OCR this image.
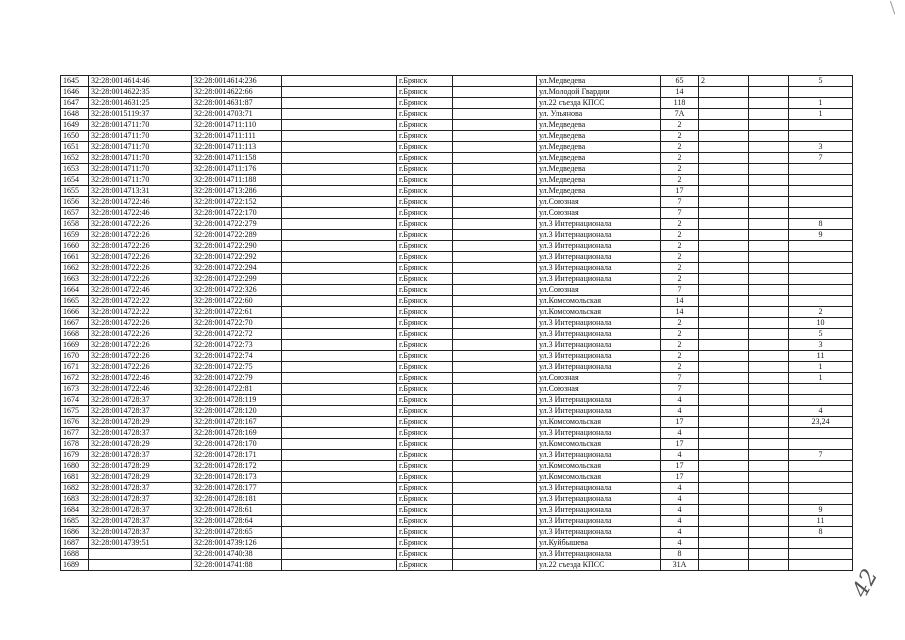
1645	32:28:0014614:46	32:28:0014614:236		г.Брянск		ул.Медведева	65	2		5
1646	32:28:0014622:35	32:28:0014622:66		г.Брянск		ул.Молодой Гвардии	14			
1647	32:28:0014631:25	32:28:0014631:87		г.Брянск		ул.22 съезда КПСС	118			1
1648	32:28:0015119:37	32:28:0014703:71		г.Брянск		ул. Ульянова	7А			1
1649	32:28:0014711:70	32:28:0014711:110		г.Брянск		ул.Медведева	2			
1650	32:28:0014711:70	32:28:0014711:111		г.Брянск		ул.Медведева	2			
1651	32:28:0014711:70	32:28:0014711:113		г.Брянск		ул.Медведева	2			3
1652	32:28:0014711:70	32:28:0014711:158		г.Брянск		ул.Медведева	2			7
1653	32:28:0014711:70	32:28:0014711:176		г.Брянск		ул.Медведева	2			
1654	32:28:0014711:70	32:28:0014711:188		г.Брянск		ул.Медведева	2			
1655	32:28:0014713:31	32:28:0014713:286		г.Брянск		ул.Медведева	17			
1656	32:28:0014722:46	32:28:0014722:152		г.Брянск		ул.Союзная	7			
1657	32:28:0014722:46	32:28:0014722:170		г.Брянск		ул.Союзная	7			
1658	32:28:0014722:26	32:28:0014722:279		г.Брянск		ул.3 Интернационала	2			8
1659	32:28:0014722:26	32:28:0014722:289		г.Брянск		ул.3 Интернационала	2			9
1660	32:28:0014722:26	32:28:0014722:290		г.Брянск		ул.3 Интернационала	2			
1661	32:28:0014722:26	32:28:0014722:292		г.Брянск		ул.3 Интернационала	2			
1662	32:28:0014722:26	32:28:0014722:294		г.Брянск		ул.3 Интернационала	2			
1663	32:28:0014722:26	32:28:0014722:299		г.Брянск		ул.3 Интернационала	2			
1664	32:28:0014722:46	32:28:0014722:326		г.Брянск		ул.Союзная	7			
1665	32:28:0014722:22	32:28:0014722:60		г.Брянск		ул.Комсомольская	14			
1666	32:28:0014722:22	32:28:0014722:61		г.Брянск		ул.Комсомольская	14			2
1667	32:28:0014722:26	32:28:0014722:70		г.Брянск		ул.3 Интернационала	2			10
1668	32:28:0014722:26	32:28:0014722:72		г.Брянск		ул.3 Интернационала	2			5
1669	32:28:0014722:26	32:28:0014722:73		г.Брянск		ул.3 Интернационала	2			3
1670	32:28:0014722:26	32:28:0014722:74		г.Брянск		ул.3 Интернационала	2			11
1671	32:28:0014722:26	32:28:0014722:75		г.Брянск		ул.3 Интернационала	2			1
1672	32:28:0014722:46	32:28:0014722:79		г.Брянск		ул.Союзная	7			1
1673	32:28:0014722:46	32:28:0014722:81		г.Брянск		ул.Союзная	7			
1674	32:28:0014728:37	32:28:0014728:119		г.Брянск		ул.3 Интернационала	4			
1675	32:28:0014728:37	32:28:0014728:120		г.Брянск		ул.3 Интернационала	4			4
1676	32:28:0014728:29	32:28:0014728:167		г.Брянск		ул.Комсомольская	17			23,24
1677	32:28:0014728:37	32:28:0014728:169		г.Брянск		ул.3 Интернационала	4			
1678	32:28:0014728:29	32:28:0014728:170		г.Брянск		ул.Комсомольская	17			
1679	32:28:0014728:37	32:28:0014728:171		г.Брянск		ул.3 Интернационала	4			7
1680	32:28:0014728:29	32:28:0014728:172		г.Брянск		ул.Комсомольская	17			
1681	32:28:0014728:29	32:28:0014728:173		г.Брянск		ул.Комсомольская	17			
1682	32:28:0014728:37	32:28:0014728:177		г.Брянск		ул.3 Интернационала	4			
1683	32:28:0014728:37	32:28:0014728:181		г.Брянск		ул.3 Интернационала	4			
1684	32:28:0014728:37	32:28:0014728:61		г.Брянск		ул.3 Интернационала	4			9
1685	32:28:0014728:37	32:28:0014728:64		г.Брянск		ул.3 Интернационала	4			11
1686	32:28:0014728:37	32:28:0014728:65		г.Брянск		ул.3 Интернационала	4			8
1687	32:28:0014739:51	32:28:0014739:126		г.Брянск		ул.Куйбышева	4			
1688		32:28:0014740:38		г.Брянск		ул.3 Интернационала	8			
1689		32:28:0014741:88		г.Брянск		ул.22 съезда КПСС	31А			
42
